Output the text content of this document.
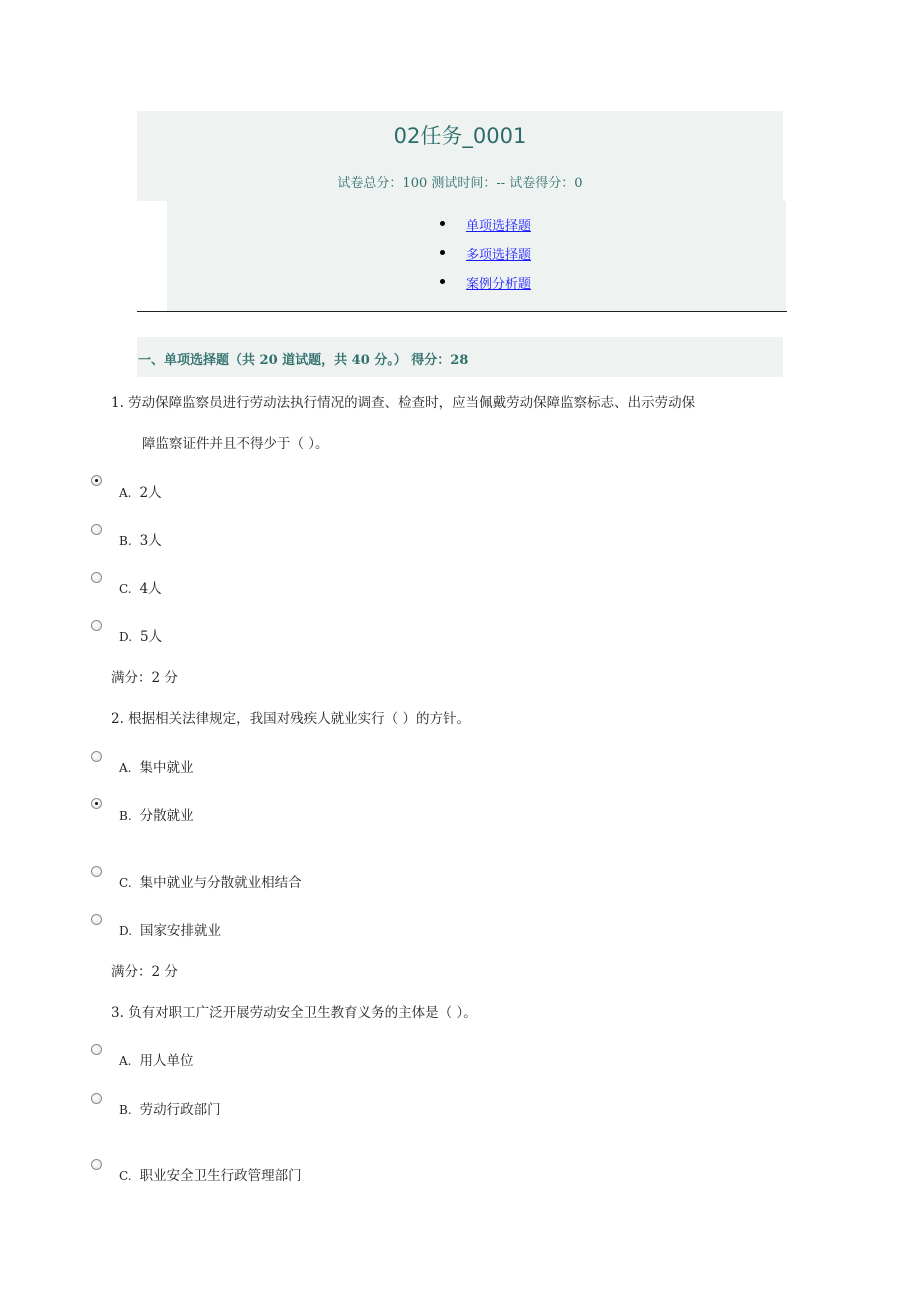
02任务_0001
试卷总分：100 测试时间：-- 试卷得分：0
单项选择题
多项选择题
案例分析题
一、单项选择题（共 20 道试题，共 40 分。） 得分：28
1. 劳动保障监察员进行劳动法执行情况的调查、检查时，应当佩戴劳动保障监察标志、出示劳动保
障监察证件并且不得少于（ ）。
A. 2人
B. 3人
C. 4人
D. 5人
满分：2 分
2. 根据相关法律规定，我国对残疾人就业实行（ ）的方针。
A. 集中就业
B. 分散就业
C. 集中就业与分散就业相结合
D. 国家安排就业
满分：2 分
3. 负有对职工广泛开展劳动安全卫生教育义务的主体是（ ）。
A. 用人单位
B. 劳动行政部门
C. 职业安全卫生行政管理部门
